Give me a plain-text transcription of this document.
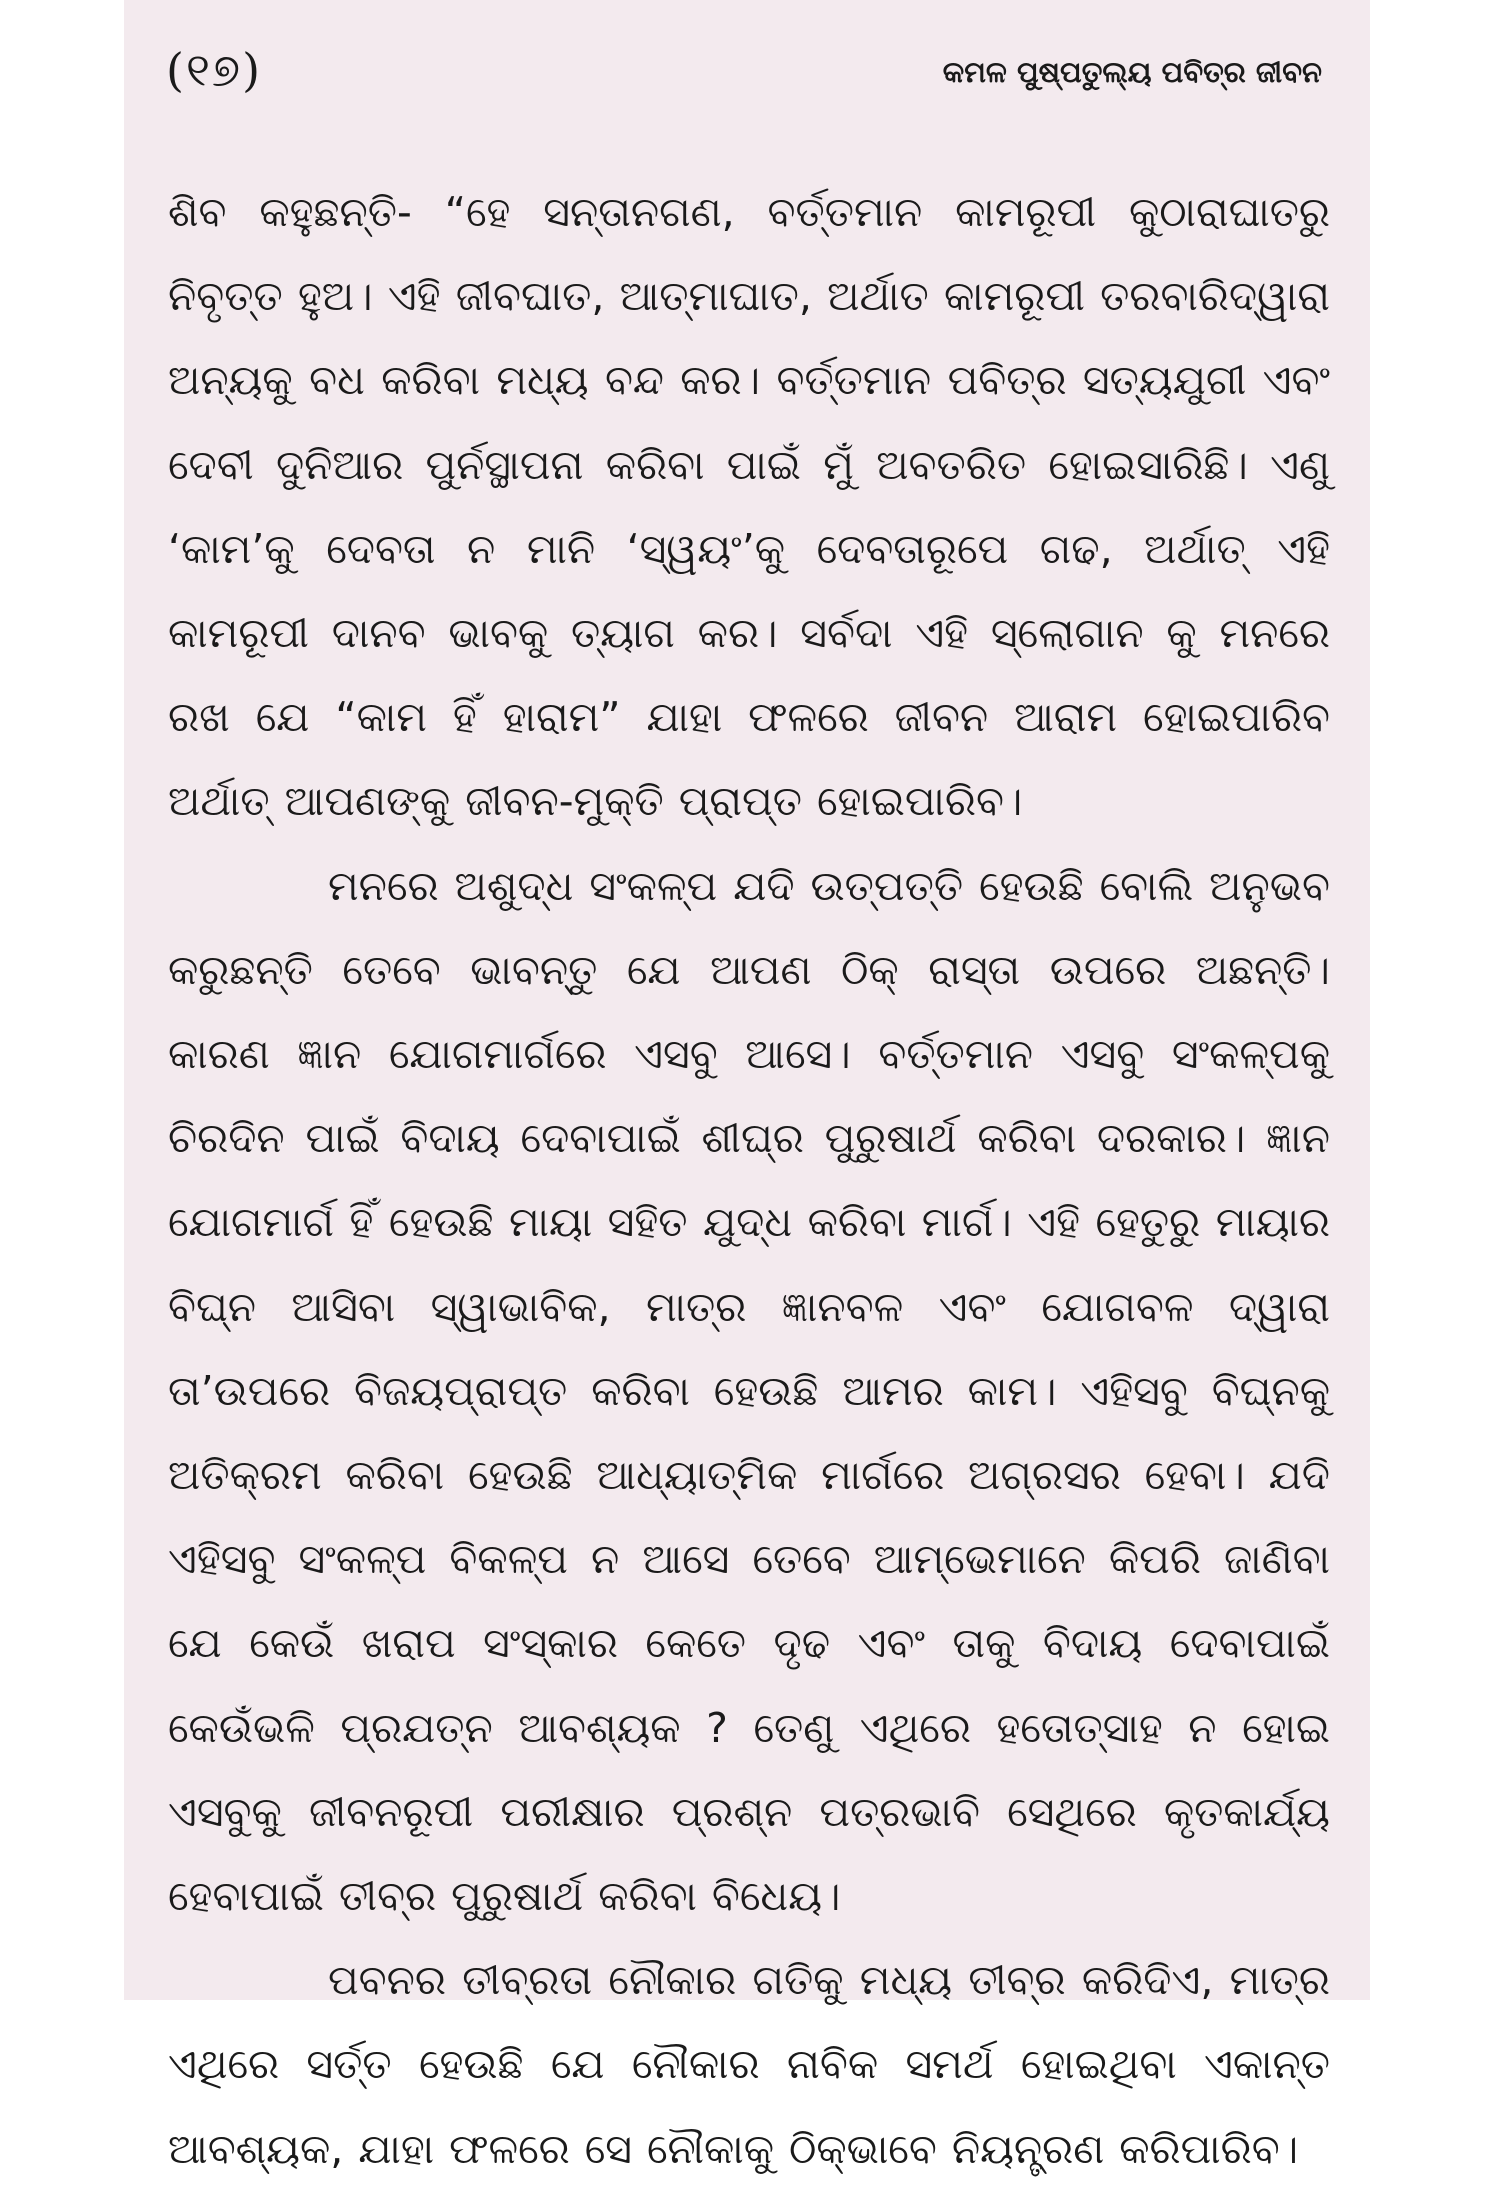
(୧୭)	କମଳ ପୁଷ୍ପତୁଲ୍ୟ ପବିତ୍ର ଜୀବନ

ଶିବ କହୁଛନ୍ତି- “ହେ ସନ୍ତାନଗଣ, ବର୍ତ୍ତମାନ କାମରୂପୀ କୁଠାରାଘାତରୁ ନିବୃତ୍ତ ହୁଅ। ଏହି ଜୀବଘାତ, ଆତ୍ମାଘାତ, ଅର୍ଥାତ କାମରୂପୀ ତରବାରିଦ୍ୱାରା ଅନ୍ୟକୁ ବଧ କରିବା ମଧ୍ୟ ବନ୍ଦ କର। ବର୍ତ୍ତମାନ ପବିତ୍ର ସତ୍ୟଯୁଗୀ ଏବଂ ଦେବୀ ଦୁନିଆର ପୁର୍ନସ୍ଥାପନା କରିବା ପାଇଁ ମୁଁ ଅବତରିତ ହୋଇସାରିଛି। ଏଣୁ ‘କାମ’କୁ ଦେବତା ନ ମାନି ‘ସ୍ୱୟଂ’କୁ ଦେବତାରୂପେ ଗଢ, ଅର୍ଥାତ୍ ଏହି କାମରୂପୀ ଦାନବ ଭାବକୁ ତ୍ୟାଗ କର। ସର୍ବଦା ଏହି ସ୍ଲୋଗାନ କୁ ମନରେ ରଖ ଯେ “କାମ ହିଁ ହାରାମ” ଯାହା ଫଳରେ ଜୀବନ ଆରାମ ହୋଇପାରିବ ଅର୍ଥାତ୍ ଆପଣଙ୍କୁ ଜୀବନ-ମୁକ୍ତି ପ୍ରାପ୍ତ ହୋଇପାରିବ।

ମନରେ ଅଶୁଦ୍ଧ ସଂକଳ୍ପ ଯଦି ଉତ୍ପତ୍ତି ହେଉଛି ବୋଲି ଅନୁଭବ କରୁଛନ୍ତି ତେବେ ଭାବନ୍ତୁ ଯେ ଆପଣ ଠିକ୍ ରାସ୍ତା ଉପରେ ଅଛନ୍ତି। କାରଣ ଜ୍ଞାନ ଯୋଗମାର୍ଗରେ ଏସବୁ ଆସେ। ବର୍ତ୍ତମାନ ଏସବୁ ସଂକଳ୍ପକୁ ଚିରଦିନ ପାଇଁ ବିଦାୟ ଦେବାପାଇଁ ଶୀଘ୍ର ପୁରୁଷାର୍ଥ କରିବା ଦରକାର। ଜ୍ଞାନ ଯୋଗମାର୍ଗ ହିଁ ହେଉଛି ମାୟା ସହିତ ଯୁଦ୍ଧ କରିବା ମାର୍ଗ। ଏହି ହେତୁରୁ ମାୟାର ବିଘ୍ନ ଆସିବା ସ୍ୱାଭାବିକ, ମାତ୍ର ଜ୍ଞାନବଳ ଏବଂ ଯୋଗବଳ ଦ୍ୱାରା ତା’ଉପରେ ବିଜୟପ୍ରାପ୍ତ କରିବା ହେଉଛି ଆମର କାମ। ଏହିସବୁ ବିଘ୍ନକୁ ଅତିକ୍ରମ କରିବା ହେଉଛି ଆଧ୍ୟାତ୍ମିକ ମାର୍ଗରେ ଅଗ୍ରସର ହେବା। ଯଦି ଏହିସବୁ ସଂକଳ୍ପ ବିକଳ୍ପ ନ ଆସେ ତେବେ ଆମ୍ଭେମାନେ କିପରି ଜାଣିବା ଯେ କେଉଁ ଖରାପ ସଂସ୍କାର କେତେ ଦୃଢ ଏବଂ ତାକୁ ବିଦାୟ ଦେବାପାଇଁ କେଉଁଭଳି ପ୍ରଯତ୍ନ ଆବଶ୍ୟକ ? ତେଣୁ ଏଥିରେ ହତୋତ୍ସାହ ନ ହୋଇ ଏସବୁକୁ ଜୀବନରୂପୀ ପରୀକ୍ଷାର ପ୍ରଶ୍ନ ପତ୍ରଭାବି ସେଥିରେ କୃତକାର୍ଯ୍ୟ ହେବାପାଇଁ ତୀବ୍ର ପୁରୁଷାର୍ଥ କରିବା ବିଧେୟ।

ପବନର ତୀବ୍ରତା ନୌକାର ଗତିକୁ ମଧ୍ୟ ତୀବ୍ର କରିଦିଏ, ମାତ୍ର ଏଥିରେ ସର୍ତ୍ତ ହେଉଛି ଯେ ନୌକାର ନାବିକ ସମର୍ଥ ହୋଇଥିବା ଏକାନ୍ତ ଆବଶ୍ୟକ, ଯାହା ଫଳରେ ସେ ନୌକାକୁ ଠିକ୍ଭାବେ ନିୟନ୍ତ୍ରଣ କରିପାରିବ।
